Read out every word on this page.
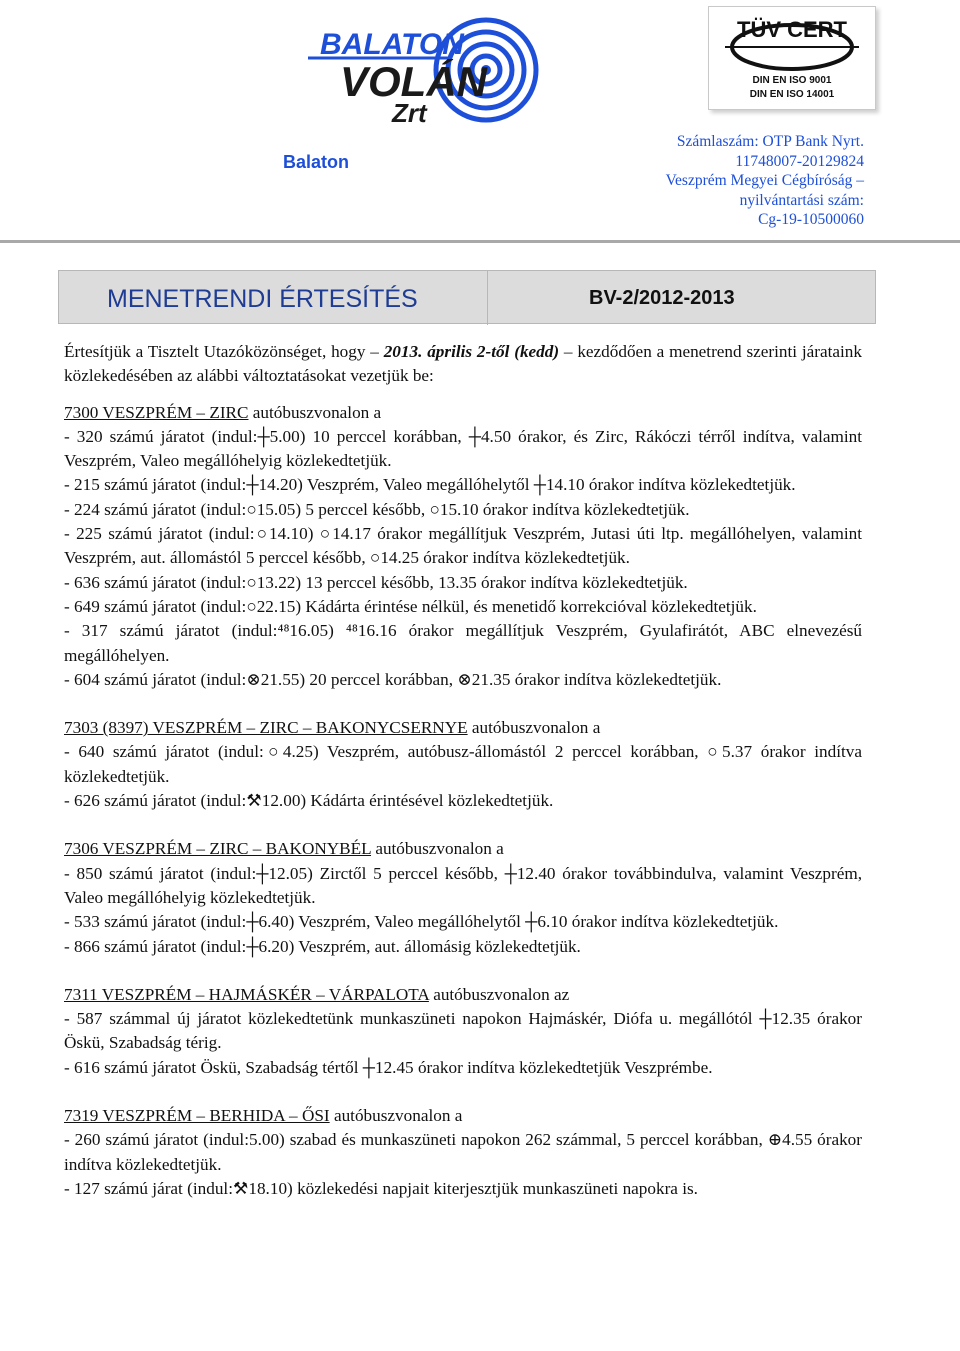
BALATON
VOLÁN
Zrt
Balaton
TÜV CERT
DIN EN ISO 9001
DIN EN ISO 14001
Számlaszám: OTP Bank Nyrt.
11748007-20129824
Veszprém Megyei Cégbíróság –
nyilvántartási szám:
Cg-19-10500060
MENETRENDI ÉRTESÍTÉS	BV-2/2012-2013

Értesítjük a Tisztelt Utazóközönséget, hogy – 2013. április 2-től (kedd) – kezdődően a menetrend szerinti járataink közlekedésében az alábbi változtatásokat vezetjük be:

7300 VESZPRÉM – ZIRC autóbuszvonalon a

- 320 számú járatot (indul:┼5.00) 10 perccel korábban, ┼4.50 órakor, és Zirc, Rákóczi térről indítva, valamint Veszprém, Valeo megállóhelyig közlekedtetjük.

- 215 számú járatot (indul:┼14.20) Veszprém, Valeo megállóhelytől ┼14.10 órakor indítva közlekedtetjük.

- 224 számú járatot (indul:○15.05) 5 perccel később, ○15.10 órakor indítva közlekedtetjük.

- 225 számú járatot (indul:○14.10) ○14.17 órakor megállítjuk Veszprém, Jutasi úti ltp. megállóhelyen, valamint Veszprém, aut. állomástól 5 perccel később, ○14.25 órakor indítva közlekedtetjük.

- 636 számú járatot (indul:○13.22) 13 perccel később, 13.35 órakor indítva közlekedtetjük.

- 649 számú járatot (indul:○22.15) Kádárta érintése nélkül, és menetidő korrekcióval közlekedtetjük.

- 317 számú járatot (indul:⁴⁸16.05) ⁴⁸16.16 órakor megállítjuk Veszprém, Gyulafirátót, ABC elnevezésű megállóhelyen.

- 604 számú járatot (indul:⊗21.55) 20 perccel korábban, ⊗21.35 órakor indítva közlekedtetjük.

7303 (8397) VESZPRÉM – ZIRC – BAKONYCSERNYE autóbuszvonalon a

- 640 számú járatot (indul:○4.25) Veszprém, autóbusz-állomástól 2 perccel korábban, ○5.37 órakor indítva közlekedtetjük.

- 626 számú járatot (indul:⚒12.00) Kádárta érintésével közlekedtetjük.

7306 VESZPRÉM – ZIRC – BAKONYBÉL autóbuszvonalon a

- 850 számú járatot (indul:┼12.05) Zirctől 5 perccel később, ┼12.40 órakor továbbindulva, valamint Veszprém, Valeo megállóhelyig közlekedtetjük.

- 533 számú járatot (indul:┼6.40) Veszprém, Valeo megállóhelytől ┼6.10 órakor indítva közlekedtetjük.

- 866 számú járatot (indul:┼6.20) Veszprém, aut. állomásig közlekedtetjük.

7311 VESZPRÉM – HAJMÁSKÉR – VÁRPALOTA autóbuszvonalon az

- 587 számmal új járatot közlekedtetünk munkaszüneti napokon Hajmáskér, Diófa u. megállótól ┼12.35 órakor Öskü, Szabadság térig.

- 616 számú járatot Öskü, Szabadság tértől ┼12.45 órakor indítva közlekedtetjük Veszprémbe.

7319 VESZPRÉM – BERHIDA – ŐSI autóbuszvonalon a

- 260 számú járatot (indul:5.00) szabad és munkaszüneti napokon 262 számmal, 5 perccel korábban, ⊕4.55 órakor indítva közlekedtetjük.

- 127 számú járat (indul:⚒18.10) közlekedési napjait kiterjesztjük munkaszüneti napokra is.
